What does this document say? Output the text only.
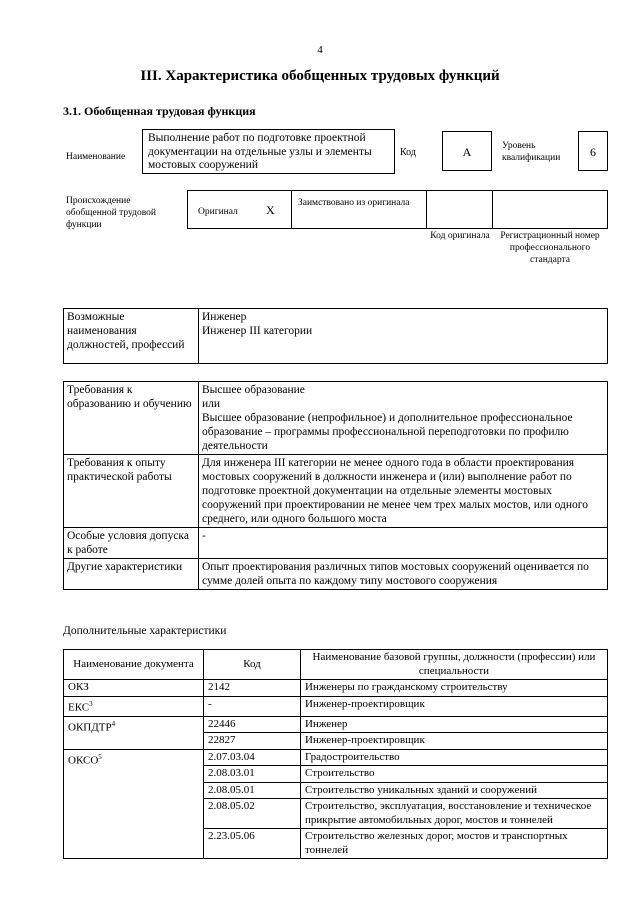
4
III. Характеристика обобщенных трудовых функций
3.1. Обобщенная трудовая функция
Наименование
Выполнение работ по подготовке проектной документации на отдельные узлы и элементы мостовых сооружений
Код	A	Уровень квалификации	6
Происхождение обобщенной трудовой функции
Оригинал X	Заимствовано из оригинала
Код оригинала	Регистрационный номер профессионального стандарта
Возможные наименования должностей, профессий	
Инженер
Инженер III категории
Требования к образованию и обучению	Высшее образование
или
Высшее образование (непрофильное) и дополнительное профессиональное образование – программы профессиональной переподготовки по профилю деятельности
Требования к опыту практической работы	Для инженера III категории не менее одного года в области проектирования мостовых сооружений в должности инженера и (или) выполнение работ по подготовке проектной документации на отдельные элементы мостовых сооружений при проектировании не менее чем трех малых мостов, или одного среднего, или одного большого моста
Особые условия допуска к работе	-
Другие характеристики	Опыт проектирования различных типов мостовых сооружений оценивается по сумме долей опыта по каждому типу мостового сооружения
Дополнительные характеристики
Наименование документа	Код	Наименование базовой группы, должности (профессии) или специальности
ОКЗ	2142	Инженеры по гражданскому строительству
ЕКС$^3$	-	Инженер-проектировщик
ОКПДТР$^4$	22446	Инженер
	22827	Инженер-проектировщик
ОКСО$^5$	2.07.03.04	Градостроительство
	2.08.03.01	Строительство
	2.08.05.01	Строительство уникальных зданий и сооружений
	2.08.05.02	Строительство, эксплуатация, восстановление и техническое прикрытие автомобильных дорог, мостов и тоннелей
	2.23.05.06	Строительство железных дорог, мостов и транспортных тоннелей
